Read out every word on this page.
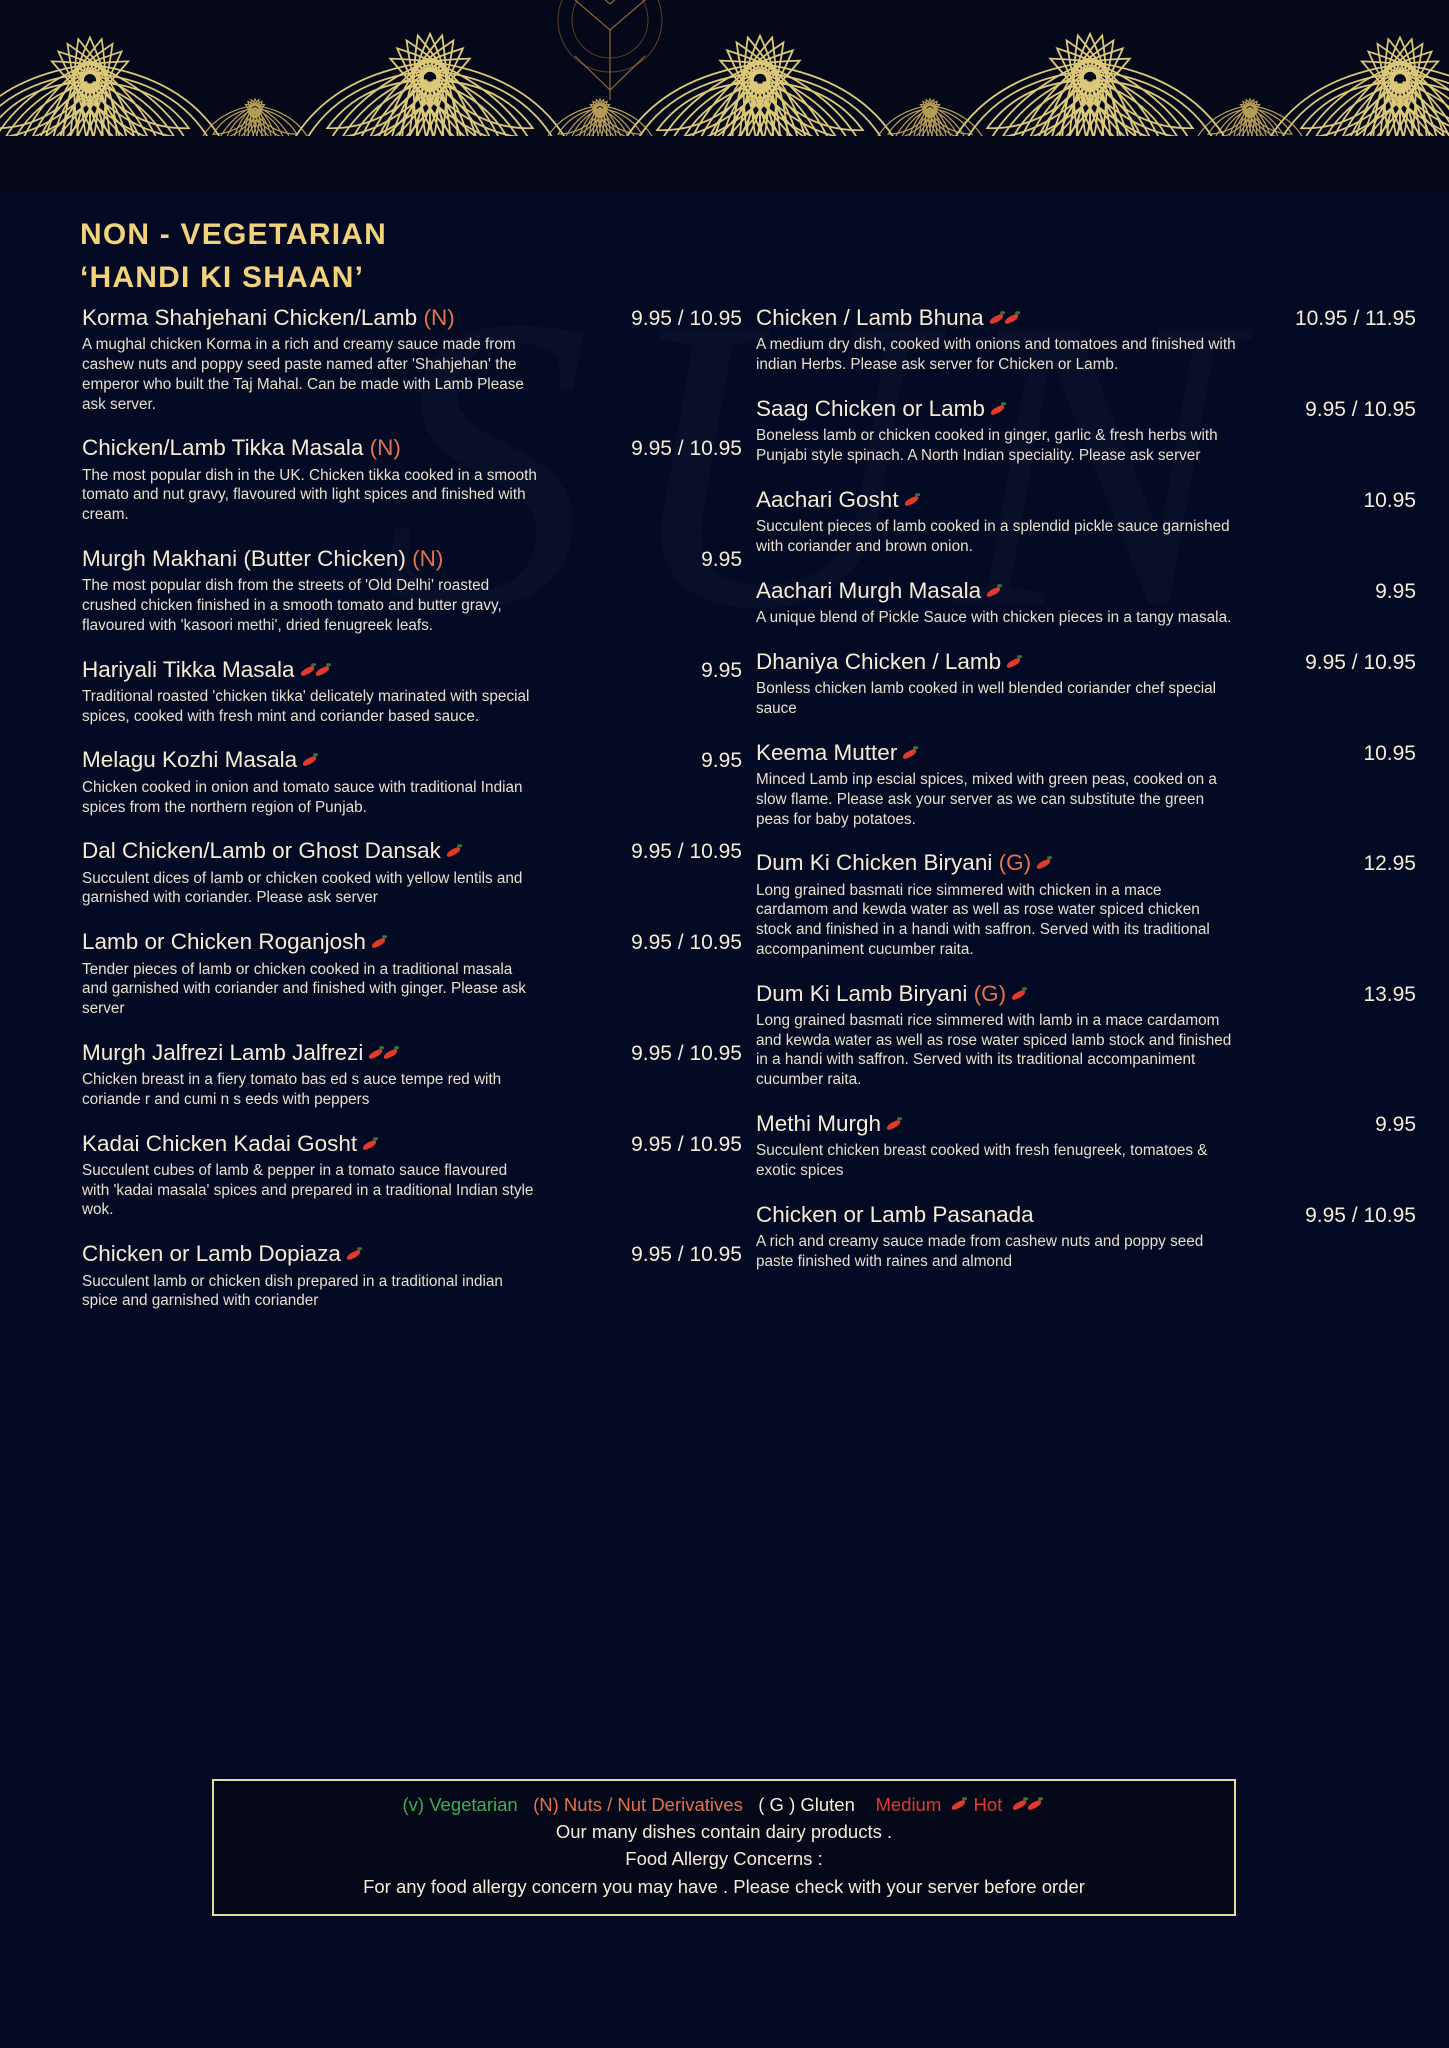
NON - VEGETARIAN
‘HANDI KI SHAAN’
Korma Shahjehani Chicken/Lamb (N)	9.95 / 10.95
A mughal chicken Korma in a rich and creamy sauce made from cashew nuts and poppy seed paste named after 'Shahjehan' the emperor who built the Taj Mahal. Can be made with Lamb Please ask server.
Chicken/Lamb Tikka Masala (N)	9.95 / 10.95
The most popular dish in the UK. Chicken tikka cooked in a smooth tomato and nut gravy, flavoured with light spices and finished with cream.
Murgh Makhani (Butter Chicken) (N)	9.95
The most popular dish from the streets of 'Old Delhi' roasted crushed chicken finished in a smooth tomato and butter gravy, flavoured with 'kasoori methi', dried fenugreek leafs.
Hariyali Tikka Masala	9.95
Traditional roasted 'chicken tikka' delicately marinated with special spices, cooked with fresh mint and coriander based sauce.
Melagu Kozhi Masala	9.95
Chicken cooked in onion and tomato sauce with traditional Indian spices from the northern region of Punjab.
Dal Chicken/Lamb or Ghost Dansak	9.95 / 10.95
Succulent dices of lamb or chicken cooked with yellow lentils and garnished with coriander. Please ask server
Lamb or Chicken Roganjosh	9.95 / 10.95
Tender pieces of lamb or chicken cooked in a traditional masala and garnished with coriander and finished with ginger. Please ask server
Murgh Jalfrezi Lamb Jalfrezi	9.95 / 10.95
Chicken breast in a fiery tomato bas ed s auce tempe red with coriande r and cumi n s eeds with peppers
Kadai Chicken Kadai Gosht	9.95 / 10.95
Succulent cubes of lamb & pepper in a tomato sauce flavoured with 'kadai masala' spices and prepared in a traditional Indian style wok.
Chicken or Lamb Dopiaza	9.95 / 10.95
Succulent lamb or chicken dish prepared in a traditional indian spice and garnished with coriander
Chicken / Lamb Bhuna	10.95 / 11.95
A medium dry dish, cooked with onions and tomatoes and finished with indian Herbs. Please ask server for Chicken or Lamb.
Saag Chicken or Lamb	9.95 / 10.95
Boneless lamb or chicken cooked in ginger, garlic & fresh herbs with Punjabi style spinach. A North Indian speciality. Please ask server
Aachari Gosht	10.95
Succulent pieces of lamb cooked in a splendid pickle sauce garnished with coriander and brown onion.
Aachari Murgh Masala	9.95
A unique blend of Pickle Sauce with chicken pieces in a tangy masala.
Dhaniya Chicken / Lamb	9.95 / 10.95
Bonless chicken lamb cooked in well blended coriander chef special sauce
Keema Mutter	10.95
Minced Lamb inp escial spices, mixed with green peas, cooked on a slow flame. Please ask your server as we can substitute the green peas for baby potatoes.
Dum Ki Chicken Biryani (G)	12.95
Long grained basmati rice simmered with chicken in a mace cardamom and kewda water as well as rose water spiced chicken stock and finished in a handi with saffron. Served with its traditional accompaniment cucumber raita.
Dum Ki Lamb Biryani (G)	13.95
Long grained basmati rice simmered with lamb in a mace cardamom and kewda water as well as rose water spiced lamb stock and finished in a handi with saffron. Served with its traditional accompaniment cucumber raita.
Methi Murgh	9.95
Succulent chicken breast cooked with fresh fenugreek, tomatoes & exotic spices
Chicken or Lamb Pasanada	9.95 / 10.95
A rich and creamy sauce made from cashew nuts and poppy seed paste finished with raines and almond
(v) Vegetarian (N) Nuts / Nut Derivatives ( G ) Gluten Medium Hot
Our many dishes contain dairy products .
Food Allergy Concerns :
For any food allergy concern you may have . Please check with your server before order
